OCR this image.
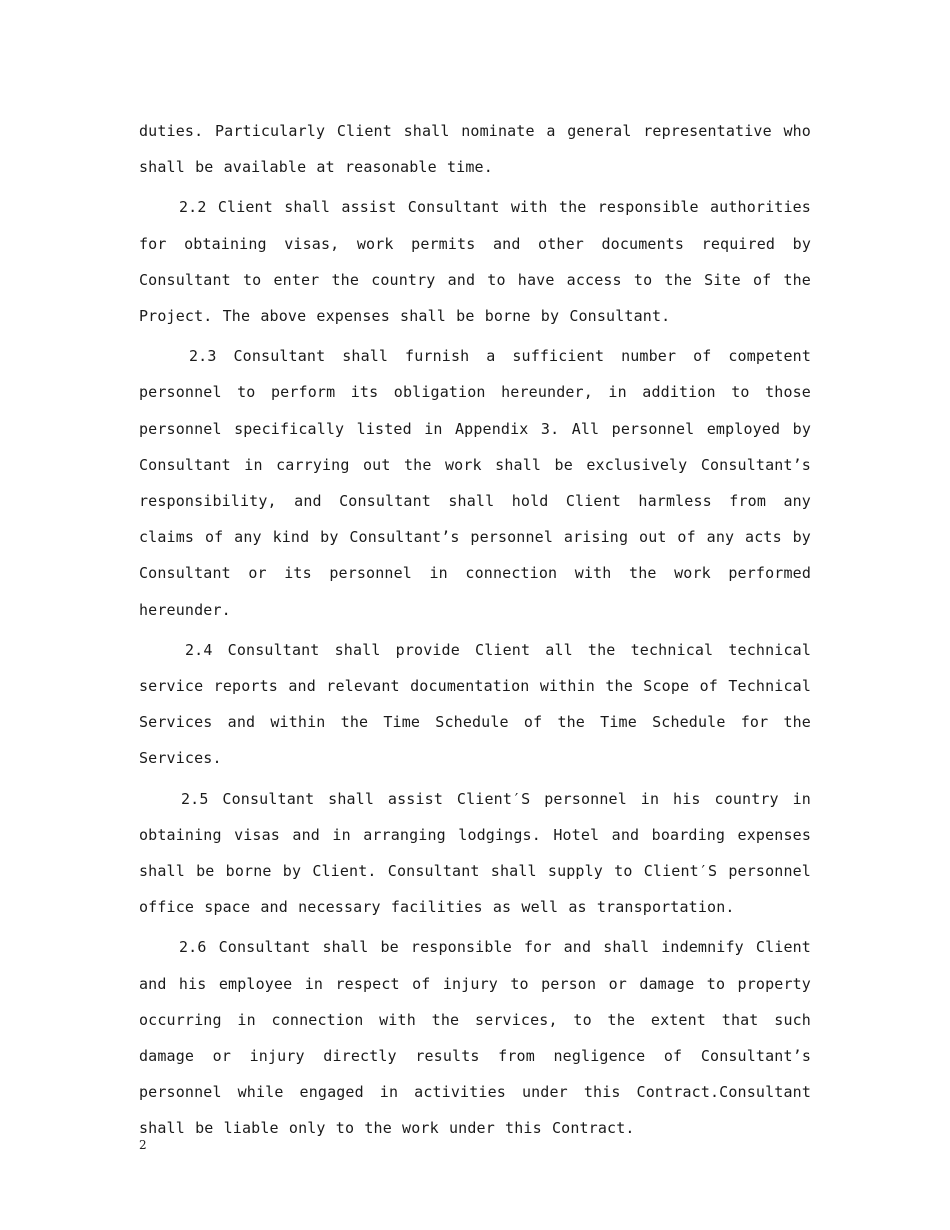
duties. Particularly Client shall nominate a general representative who shall be available at reasonable time.

2.2 Client shall assist Consultant with the responsible authorities for obtaining visas, work permits and other documents required by Consultant to enter the country and to have access to the Site of the Project. The above expenses shall be borne by Consultant.

2.3 Consultant shall furnish a sufficient number of competent personnel to perform its obligation hereunder, in addition to those personnel specifically listed in Appendix 3. All personnel employed by Consultant in carrying out the work shall be exclusively Consultant’s responsibility, and Consultant shall hold Client harmless from any claims of any kind by Consultant’s personnel arising out of any acts by Consultant or its personnel in connection with the work performed hereunder.

2.4 Consultant shall provide Client all the technical technical service reports and relevant documentation within the Scope of Technical Services and within the Time Schedule of the Time Schedule for the Services.

2.5 Consultant shall assist Client′S personnel in his country in obtaining visas and in arranging lodgings. Hotel and boarding expenses shall be borne by Client. Consultant shall supply to Client′S personnel office space and necessary facilities as well as transportation.

2.6 Consultant shall be responsible for and shall indemnify Client and his employee in respect of injury to person or damage to property occurring in connection with the services, to the extent that such damage or injury directly results from negligence of Consultant’s personnel while engaged in activities under this Contract.Consultant shall be liable only to the work under this Contract.

2
